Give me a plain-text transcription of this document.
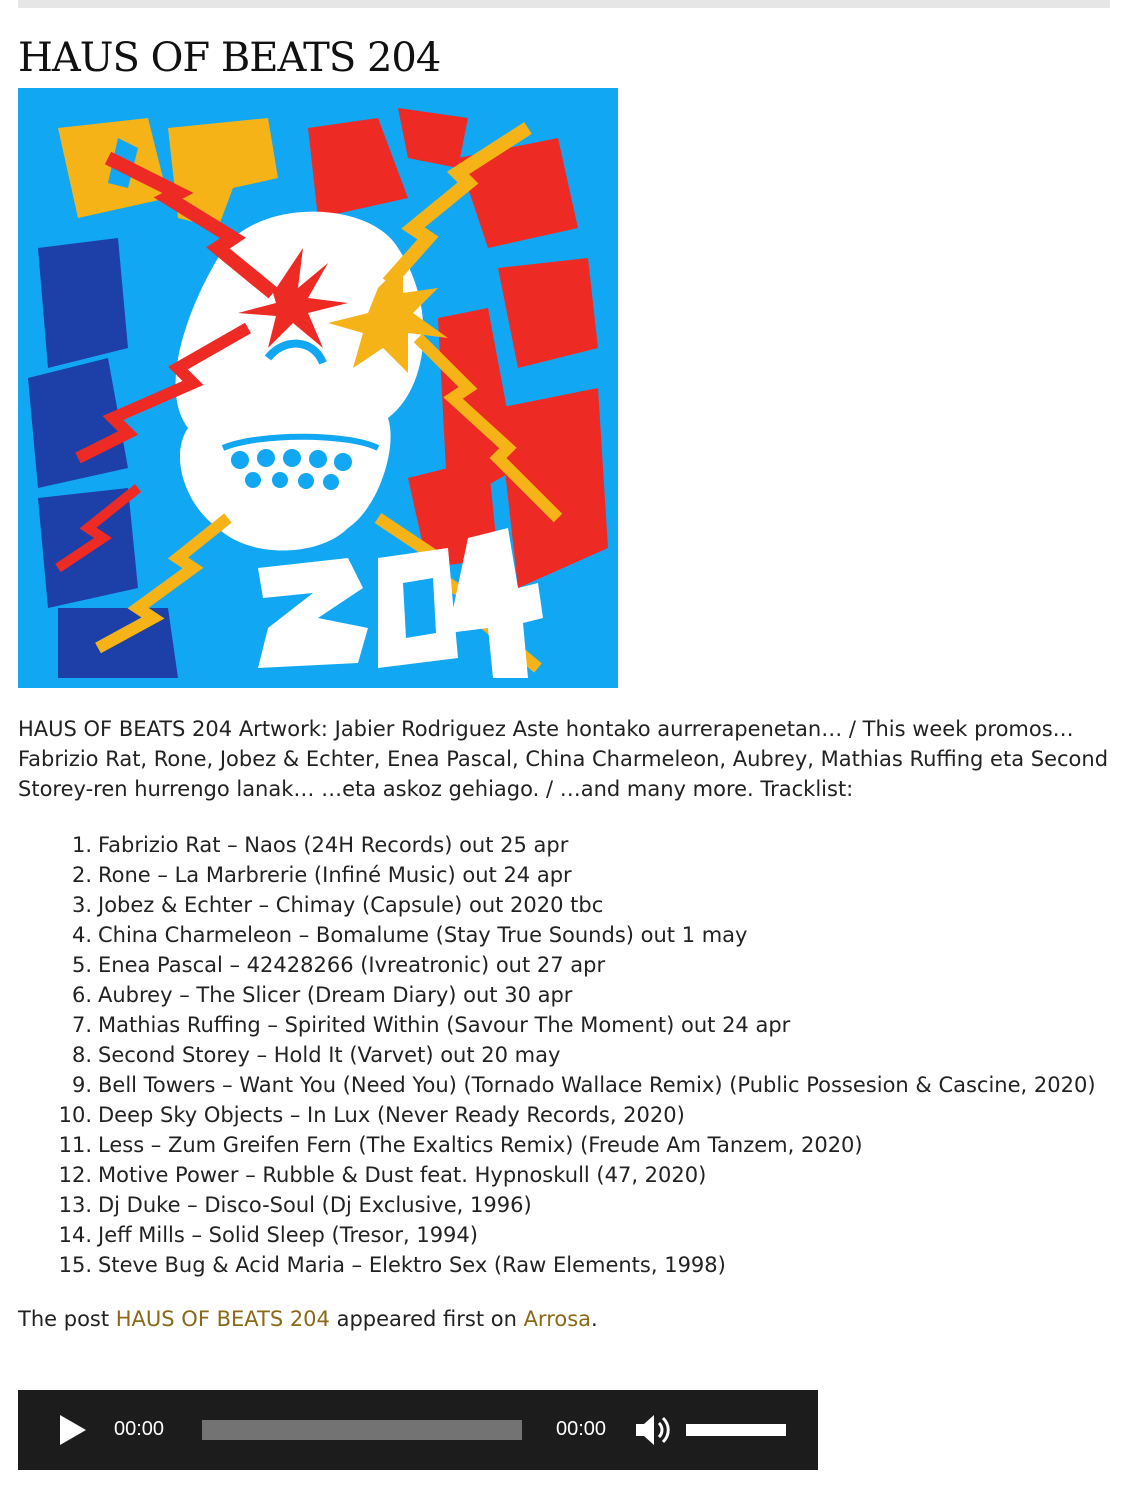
HAUS OF BEATS 204

HAUS OF BEATS 204 Artwork: Jabier Rodriguez Aste hontako aurrerapenetan… / This week promos… Fabrizio Rat, Rone, Jobez & Echter, Enea Pascal, China Charmeleon, Aubrey, Mathias Ruffing eta Second Storey-ren hurrengo lanak… …eta askoz gehiago. / …and many more. Tracklist:

1. Fabrizio Rat – Naos (24H Records) out 25 apr
2. Rone – La Marbrerie (Infiné Music) out 24 apr
3. Jobez & Echter – Chimay (Capsule) out 2020 tbc
4. China Charmeleon – Bomalume (Stay True Sounds) out 1 may
5. Enea Pascal – 42428266 (Ivreatronic) out 27 apr
6. Aubrey – The Slicer (Dream Diary) out 30 apr
7. Mathias Ruffing – Spirited Within (Savour The Moment) out 24 apr
8. Second Storey – Hold It (Varvet) out 20 may
9. Bell Towers – Want You (Need You) (Tornado Wallace Remix) (Public Possesion & Cascine, 2020)
10. Deep Sky Objects – In Lux (Never Ready Records, 2020)
11. Less – Zum Greifen Fern (The Exaltics Remix) (Freude Am Tanzem, 2020)
12. Motive Power – Rubble & Dust feat. Hypnoskull (47, 2020)
13. Dj Duke – Disco-Soul (Dj Exclusive, 1996)
14. Jeff Mills – Solid Sleep (Tresor, 1994)
15. Steve Bug & Acid Maria – Elektro Sex (Raw Elements, 1998)

The post HAUS OF BEATS 204 appeared first on Arrosa.

00:00	00:00
